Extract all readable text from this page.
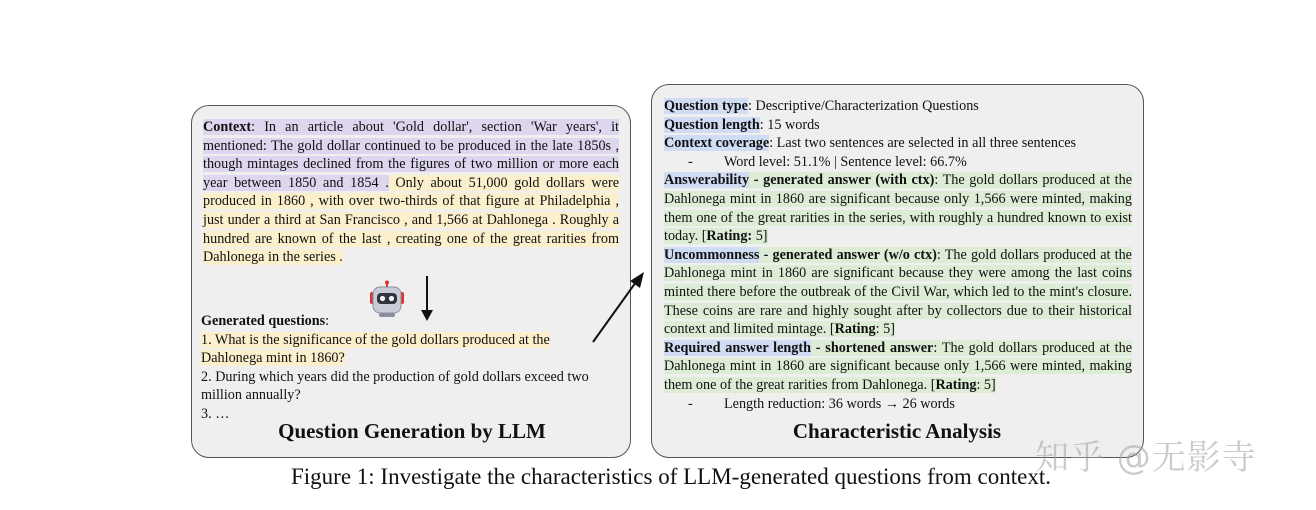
Context: In an article about 'Gold dollar', section 'War years', it mentioned: The gold dollar continued to be produced in the late 1850s , though mintages declined from the figures of two million or more each year between 1850 and 1854 . Only about 51,000 gold dollars were produced in 1860 , with over two-thirds of that figure at Philadelphia , just under a third at San Francisco , and 1,566 at Dahlonega . Roughly a hundred are known of the last , creating one of the great rarities from Dahlonega in the series .
Generated questions:
1. What is the significance of the gold dollars produced at the Dahlonega mint in 1860?
2. During which years did the production of gold dollars exceed two million annually?
3. …
Question Generation by LLM
Question type: Descriptive/Characterization Questions
Question length: 15 words
Context coverage: Last two sentences are selected in all three sentences
- Word level: 51.1% | Sentence level: 66.7%
Answerability - generated answer (with ctx): The gold dollars produced at the Dahlonega mint in 1860 are significant because only 1,566 were minted, making them one of the great rarities in the series, with roughly a hundred known to exist today. [Rating: 5]
Uncommonness - generated answer (w/o ctx): The gold dollars produced at the Dahlonega mint in 1860 are significant because they were among the last coins minted there before the outbreak of the Civil War, which led to the mint's closure. These coins are rare and highly sought after by collectors due to their historical context and limited mintage. [Rating: 5]
Required answer length - shortened answer: The gold dollars produced at the Dahlonega mint in 1860 are significant because only 1,566 were minted, making them one of the great rarities from Dahlonega. [Rating: 5]
- Length reduction: 36 words → 26 words
Characteristic Analysis
知乎 @无影寺
Figure 1: Investigate the characteristics of LLM-generated questions from context.
